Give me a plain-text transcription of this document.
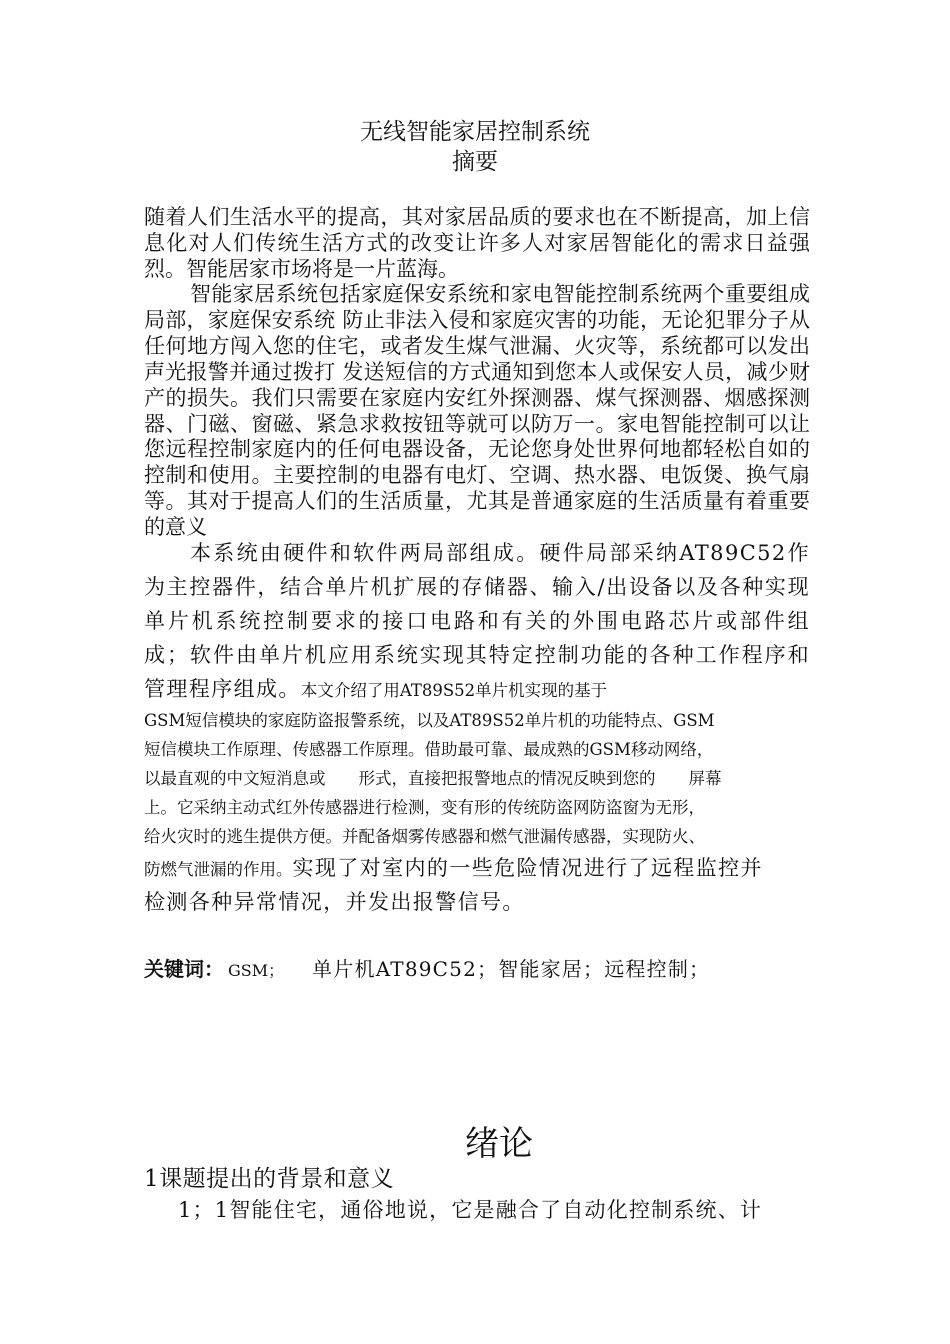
无线智能家居控制系统
摘要
随着人们生活水平的提高，其对家居品质的要求也在不断提高，加上信息化对人们传统生活方式的改变让许多人对家居智能化的需求日益强烈。智能居家市场将是一片蓝海。
智能家居系统包括家庭保安系统和家电智能控制系统两个重要组成局部，家庭保安系统 防止非法入侵和家庭灾害的功能，无论犯罪分子从任何地方闯入您的住宅，或者发生煤气泄漏、火灾等，系统都可以发出声光报警并通过拨打 发送短信的方式通知到您本人或保安人员，减少财产的损失。我们只需要在家庭内安红外探测器、煤气探测器、烟感探测器、门磁、窗磁、紧急求救按钮等就可以防万一。家电智能控制可以让您远程控制家庭内的任何电器设备，无论您身处世界何地都轻松自如的控制和使用。主要控制的电器有电灯、空调、热水器、电饭煲、换气扇等。其对于提高人们的生活质量，尤其是普通家庭的生活质量有着重要的意义
本系统由硬件和软件两局部组成。硬件局部采纳AT89C52作为主控器件，结合单片机扩展的存储器、输入/出设备以及各种实现单片机系统控制要求的接口电路和有关的外围电路芯片或部件组成；软件由单片机应用系统实现其特定控制功能的各种工作程序和管理程序组成。本文介绍了用AT89S52单片机实现的基于
GSM短信模块的家庭防盗报警系统，以及AT89S52单片机的功能特点、GSM
短信模块工作原理、传感器工作原理。借助最可靠、最成熟的GSM移动网络，
以最直观的中文短消息或　　形式，直接把报警地点的情况反映到您的　　屏幕
上。它采纳主动式红外传感器进行检测，变有形的传统防盗网防盗窗为无形，
给火灾时的逃生提供方便。并配备烟雾传感器和燃气泄漏传感器，实现防火、
防燃气泄漏的作用。实现了对室内的一些危险情况进行了远程监控并
检测各种异常情况，并发出报警信号。
关键词： GSM； 单片机AT89C52；智能家居；远程控制；
绪论
1课题提出的背景和意义
1；1智能住宅，通俗地说，它是融合了自动化控制系统、计
